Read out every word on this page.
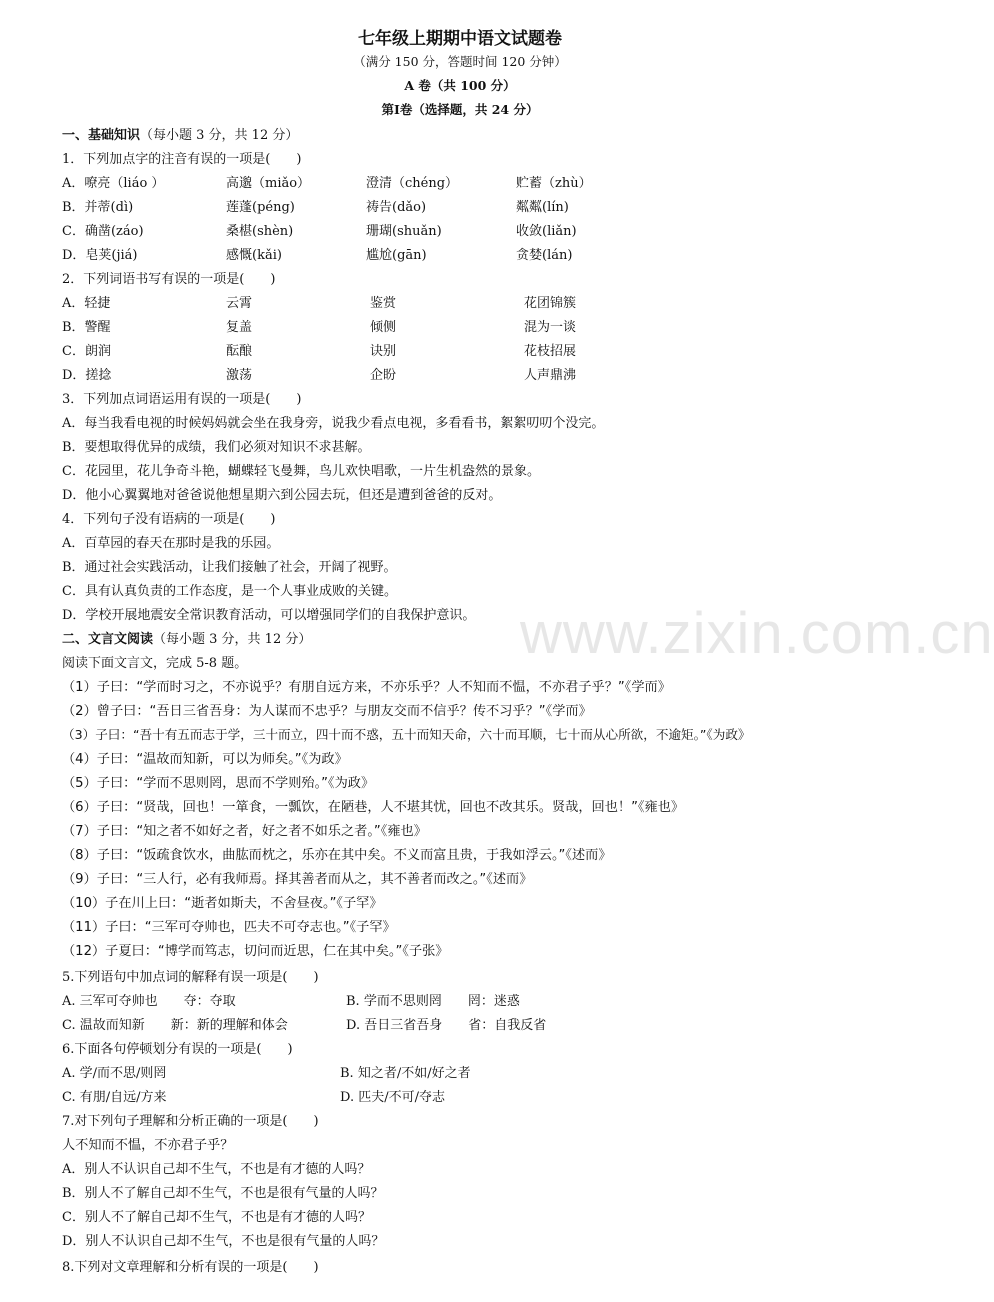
七年级上期期中语文试题卷
（满分 150 分，答题时间 120 分钟）
A 卷（共 100 分）
第Ⅰ卷（选择题，共 24 分）
一、基础知识（每小题 3 分，共 12 分）
1．下列加点字的注音有误的一项是(　　)
A．嘹亮（liáo ）	高邈（miǎo）	澄清（chéng）	贮蓄（zhù）
B．并蒂(dì)	莲蓬(péng)	祷告(dǎo)	粼粼(lín)
C．确凿(záo)	桑椹(shèn)	珊瑚(shuǎn)	收敛(liǎn)
D．皂荚(jiá)	感慨(kǎi)	尴尬(gān)	贪婪(lán)
2．下列词语书写有误的一项是(　　)
A．轻捷	云霄	鉴赏	花团锦簇
B．警醒	复盖	倾侧	混为一谈
C．朗润	酝酿	诀别	花枝招展
D．搓捻	激荡	企盼	人声鼎沸
3．下列加点词语运用有误的一项是(　　)
A．每当我看电视的时候妈妈就会坐在我身旁，说我少看点电视，多看看书，絮絮叨叨个没完。
B．要想取得优异的成绩，我们必须对知识不求甚解。
C．花园里，花儿争奇斗艳，蝴蝶轻飞曼舞，鸟儿欢快唱歌，一片生机盎然的景象。
D．他小心翼翼地对爸爸说他想星期六到公园去玩，但还是遭到爸爸的反对。
4．下列句子没有语病的一项是(　　)
A．百草园的春天在那时是我的乐园。
B．通过社会实践活动，让我们接触了社会，开阔了视野。
C．具有认真负责的工作态度，是一个人事业成败的关键。
D．学校开展地震安全常识教育活动，可以增强同学们的自我保护意识。
二、文言文阅读（每小题 3 分，共 12 分）
阅读下面文言文，完成 5-8 题。
（1）子曰：“学而时习之，不亦说乎？有朋自远方来，不亦乐乎？人不知而不愠，不亦君子乎？”《学而》
（2）曾子曰：“吾日三省吾身：为人谋而不忠乎？与朋友交而不信乎？传不习乎？”《学而》
（3）子曰：“吾十有五而志于学，三十而立，四十而不惑，五十而知天命，六十而耳顺，七十而从心所欲，不逾矩。”《为政》
（4）子曰：“温故而知新，可以为师矣。”《为政》
（5）子曰：“学而不思则罔，思而不学则殆。”《为政》
（6）子曰：“贤哉，回也！一箪食，一瓢饮，在陋巷，人不堪其忧，回也不改其乐。贤哉，回也！”《雍也》
（7）子曰：“知之者不如好之者，好之者不如乐之者。”《雍也》
（8）子曰：“饭疏食饮水，曲肱而枕之，乐亦在其中矣。不义而富且贵，于我如浮云。”《述而》
（9）子曰：“三人行，必有我师焉。择其善者而从之，其不善者而改之。”《述而》
（10）子在川上曰：“逝者如斯夫，不舍昼夜。”《子罕》
（11）子曰：“三军可夺帅也，匹夫不可夺志也。”《子罕》
（12）子夏曰：“博学而笃志，切问而近思，仁在其中矣。”《子张》
5.下列语句中加点词的解释有误一项是(　　)
A. 三军可夺帅也　　夺：夺取	B. 学而不思则罔　　罔：迷惑
C. 温故而知新　　新：新的理解和体会	D. 吾日三省吾身　　省：自我反省
6.下面各句停顿划分有误的一项是(　　)
A. 学/而不思/则罔	B. 知之者/不如/好之者
C. 有朋/自远/方来	D. 匹夫/不可/夺志
7.对下列句子理解和分析正确的一项是(　　)
人不知而不愠，不亦君子乎？
A．别人不认识自己却不生气，不也是有才德的人吗？
B．别人不了解自己却不生气，不也是很有气量的人吗？
C．别人不了解自己却不生气，不也是有才德的人吗？
D．别人不认识自己却不生气，不也是很有气量的人吗？
8.下列对文章理解和分析有误的一项是(　　)
www.zixin.com.cn
